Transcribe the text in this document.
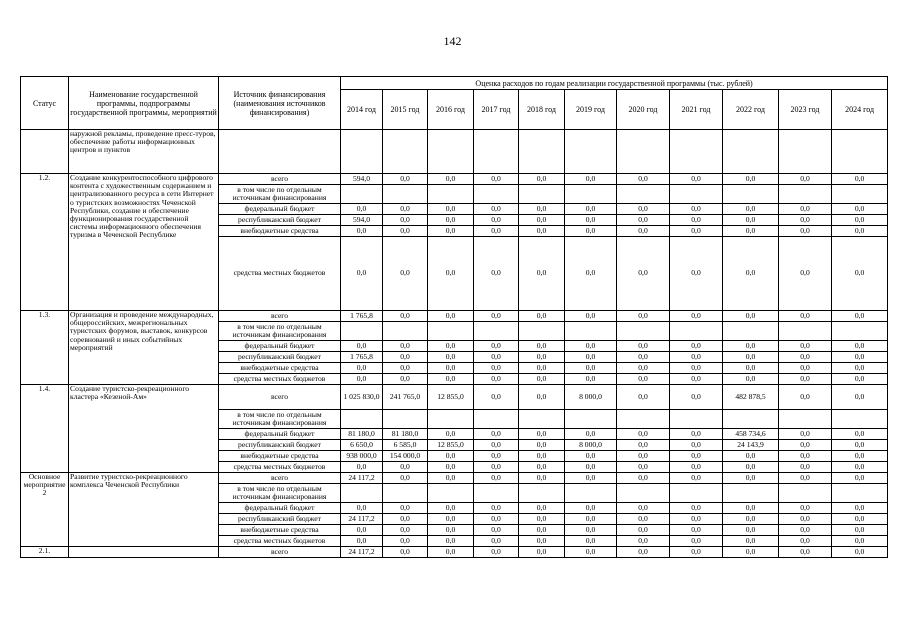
142
Статус	Наименование государственной программы, подпрограммы государственной программы, мероприятий	Источник финансирования (наименования источников финансирования)	Оценка расходов по годам реализации государственной программы (тыс. рублей)										
			2014 год	2015 год	2016 год	2017 год	2018 год	2019 год	2020 год	2021 год	2022 год	2023 год	2024 год
	наружной рекламы, проведение пресс-туров, обеспечение работы информационных центров и пунктов												
1.2.	Создание конкурентоспособного цифрового контента с художественным содержанием и централизованного ресурса в сети Интернет о туристских возможностях Чеченской Республики, создание и обеспечение функционирования государственной системы информационного обеспечения туризма в Чеченской Республике	всего	594,0	0,0	0,0	0,0	0,0	0,0	0,0	0,0	0,0	0,0	0,0
		в том числе по отдельным источникам финансирования											
		федеральный бюджет	0,0	0,0	0,0	0,0	0,0	0,0	0,0	0,0	0,0	0,0	0,0
		республиканский бюджет	594,0	0,0	0,0	0,0	0,0	0,0	0,0	0,0	0,0	0,0	0,0
		внебюджетные средства	0,0	0,0	0,0	0,0	0,0	0,0	0,0	0,0	0,0	0,0	0,0
		средства местных бюджетов	0,0	0,0	0,0	0,0	0,0	0,0	0,0	0,0	0,0	0,0	0,0
1.3.	Организация и проведение международных, общероссийских, межрегиональных туристских форумов, выставок, конкурсов соревнований и иных событийных мероприятий	всего	1 765,8	0,0	0,0	0,0	0,0	0,0	0,0	0,0	0,0	0,0	0,0
		в том числе по отдельным источникам финансирования											
		федеральный бюджет	0,0	0,0	0,0	0,0	0,0	0,0	0,0	0,0	0,0	0,0	0,0
		республиканский бюджет	1 765,8	0,0	0,0	0,0	0,0	0,0	0,0	0,0	0,0	0,0	0,0
		внебюджетные средства	0,0	0,0	0,0	0,0	0,0	0,0	0,0	0,0	0,0	0,0	0,0
		средства местных бюджетов	0,0	0,0	0,0	0,0	0,0	0,0	0,0	0,0	0,0	0,0	0,0
1.4.	Создание туристско-рекреационного кластера «Кезеной-Ам»	всего	1 025 830,0	241 765,0	12 855,0	0,0	0,0	8 000,0	0,0	0,0	482 878,5	0,0	0,0
		в том числе по отдельным источникам финансирования											
		федеральный бюджет	81 180,0	81 180,0	0,0	0,0	0,0	0,0	0,0	0,0	458 734,6	0,0	0,0
		республиканский бюджет	6 650,0	6 585,0	12 855,0	0,0	0,0	8 000,0	0,0	0,0	24 143,9	0,0	0,0
		внебюджетные средства	938 000,0	154 000,0	0,0	0,0	0,0	0,0	0,0	0,0	0,0	0,0	0,0
		средства местных бюджетов	0,0	0,0	0,0	0,0	0,0	0,0	0,0	0,0	0,0	0,0	0,0
Основное мероприятие 2	Развитие туристско-рекреационного комплекса Чеченской Республики	всего	24 117,2	0,0	0,0	0,0	0,0	0,0	0,0	0,0	0,0	0,0	0,0
		в том числе по отдельным источникам финансирования											
		федеральный бюджет	0,0	0,0	0,0	0,0	0,0	0,0	0,0	0,0	0,0	0,0	0,0
		республиканский бюджет	24 117,2	0,0	0,0	0,0	0,0	0,0	0,0	0,0	0,0	0,0	0,0
		внебюджетные средства	0,0	0,0	0,0	0,0	0,0	0,0	0,0	0,0	0,0	0,0	0,0
		средства местных бюджетов	0,0	0,0	0,0	0,0	0,0	0,0	0,0	0,0	0,0	0,0	0,0
2.1.		всего	24 117,2	0,0	0,0	0,0	0,0	0,0	0,0	0,0	0,0	0,0	0,0
